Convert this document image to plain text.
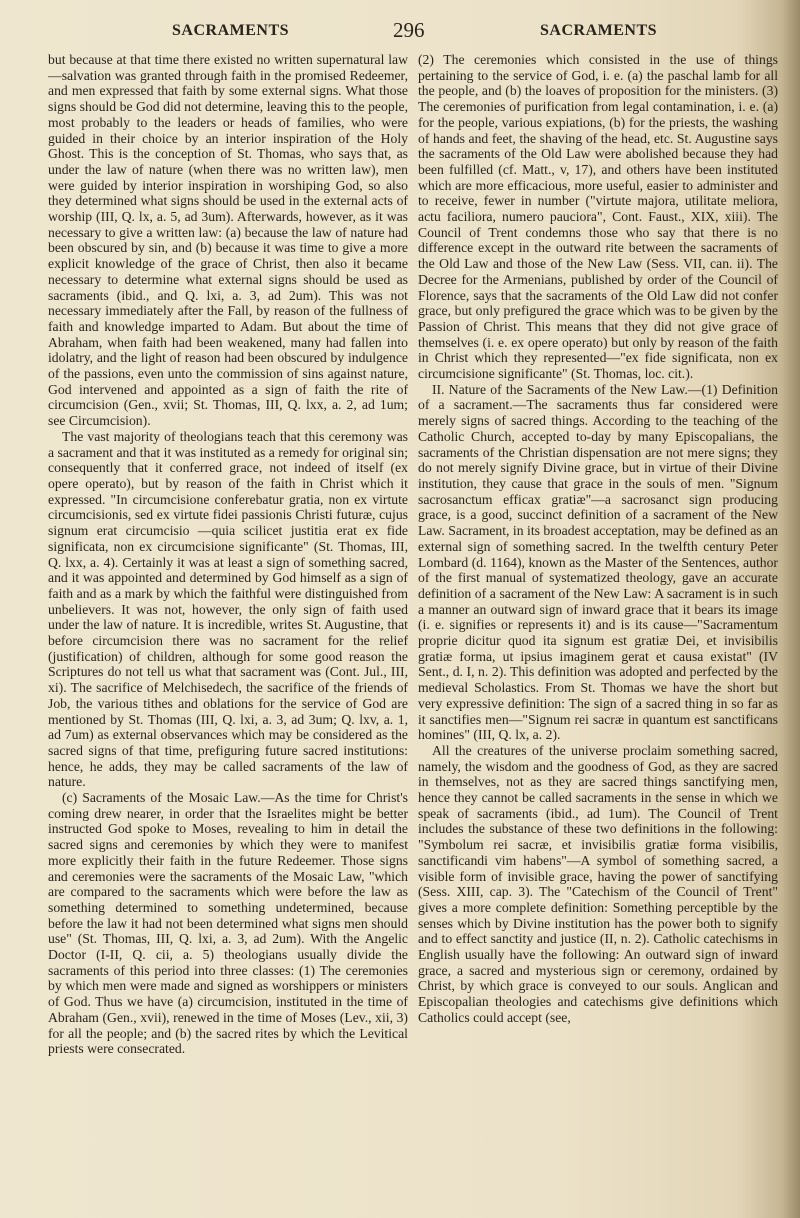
SACRAMENTS	296	SACRAMENTS

but because at that time there existed no written supernatural law—salvation was granted through faith in the promised Redeemer, and men expressed that faith by some external signs. What those signs should be God did not determine, leaving this to the people, most probably to the leaders or heads of families, who were guided in their choice by an interior inspiration of the Holy Ghost. This is the conception of St. Thomas, who says that, as under the law of nature (when there was no written law), men were guided by interior inspiration in worshiping God, so also they determined what signs should be used in the external acts of worship (III, Q. lx, a. 5, ad 3um). Afterwards, however, as it was necessary to give a written law: (a) because the law of nature had been obscured by sin, and (b) because it was time to give a more explicit knowledge of the grace of Christ, then also it became necessary to determine what external signs should be used as sacraments (ibid., and Q. lxi, a. 3, ad 2um). This was not necessary immediately after the Fall, by reason of the fullness of faith and knowledge imparted to Adam. But about the time of Abraham, when faith had been weakened, many had fallen into idolatry, and the light of reason had been obscured by indulgence of the passions, even unto the commission of sins against nature, God intervened and appointed as a sign of faith the rite of circumcision (Gen., xvii; St. Thomas, III, Q. lxx, a. 2, ad 1um; see Circumcision).

The vast majority of theologians teach that this ceremony was a sacrament and that it was instituted as a remedy for original sin; consequently that it conferred grace, not indeed of itself (ex opere operato), but by reason of the faith in Christ which it expressed. "In circumcisione conferebatur gratia, non ex virtute circumcisionis, sed ex virtute fidei passionis Christi futuræ, cujus signum erat circumcisio —quia scilicet justitia erat ex fide significata, non ex circumcisione significante" (St. Thomas, III, Q. lxx, a. 4). Certainly it was at least a sign of something sacred, and it was appointed and determined by God himself as a sign of faith and as a mark by which the faithful were distinguished from unbelievers. It was not, however, the only sign of faith used under the law of nature. It is incredible, writes St. Augustine, that before circumcision there was no sacrament for the relief (justification) of children, although for some good reason the Scriptures do not tell us what that sacrament was (Cont. Jul., III, xi). The sacrifice of Melchisedech, the sacrifice of the friends of Job, the various tithes and oblations for the service of God are mentioned by St. Thomas (III, Q. lxi, a. 3, ad 3um; Q. lxv, a. 1, ad 7um) as external observances which may be considered as the sacred signs of that time, prefiguring future sacred institutions: hence, he adds, they may be called sacraments of the law of nature.

(c) Sacraments of the Mosaic Law.—As the time for Christ's coming drew nearer, in order that the Israelites might be better instructed God spoke to Moses, revealing to him in detail the sacred signs and ceremonies by which they were to manifest more explicitly their faith in the future Redeemer. Those signs and ceremonies were the sacraments of the Mosaic Law, "which are compared to the sacraments which were before the law as something determined to something undetermined, because before the law it had not been determined what signs men should use" (St. Thomas, III, Q. lxi, a. 3, ad 2um). With the Angelic Doctor (I-II, Q. cii, a. 5) theologians usually divide the sacraments of this period into three classes: (1) The ceremonies by which men were made and signed as worshippers or ministers of God. Thus we have (a) circumcision, instituted in the time of Abraham (Gen., xvii), renewed in the time of Moses (Lev., xii, 3) for all the people; and (b) the sacred rites by which the Levitical priests were consecrated.

(2) The ceremonies which consisted in the use of things pertaining to the service of God, i. e. (a) the paschal lamb for all the people, and (b) the loaves of proposition for the ministers. (3) The ceremonies of purification from legal contamination, i. e. (a) for the people, various expiations, (b) for the priests, the washing of hands and feet, the shaving of the head, etc. St. Augustine says the sacraments of the Old Law were abolished because they had been fulfilled (cf. Matt., v, 17), and others have been instituted which are more efficacious, more useful, easier to administer and to receive, fewer in number ("virtute majora, utilitate meliora, actu faciliora, numero pauciora", Cont. Faust., XIX, xiii). The Council of Trent condemns those who say that there is no difference except in the outward rite between the sacraments of the Old Law and those of the New Law (Sess. VII, can. ii). The Decree for the Armenians, published by order of the Council of Florence, says that the sacraments of the Old Law did not confer grace, but only prefigured the grace which was to be given by the Passion of Christ. This means that they did not give grace of themselves (i. e. ex opere operato) but only by reason of the faith in Christ which they represented—"ex fide significata, non ex circumcisione significante" (St. Thomas, loc. cit.).

II. Nature of the Sacraments of the New Law.—(1) Definition of a sacrament.—The sacraments thus far considered were merely signs of sacred things. According to the teaching of the Catholic Church, accepted to-day by many Episcopalians, the sacraments of the Christian dispensation are not mere signs; they do not merely signify Divine grace, but in virtue of their Divine institution, they cause that grace in the souls of men. "Signum sacrosanctum efficax gratiæ"—a sacrosanct sign producing grace, is a good, succinct definition of a sacrament of the New Law. Sacrament, in its broadest acceptation, may be defined as an external sign of something sacred. In the twelfth century Peter Lombard (d. 1164), known as the Master of the Sentences, author of the first manual of systematized theology, gave an accurate definition of a sacrament of the New Law: A sacrament is in such a manner an outward sign of inward grace that it bears its image (i. e. signifies or represents it) and is its cause—"Sacramentum proprie dicitur quod ita signum est gratiæ Dei, et invisibilis gratiæ forma, ut ipsius imaginem gerat et causa existat" (IV Sent., d. I, n. 2). This definition was adopted and perfected by the medieval Scholastics. From St. Thomas we have the short but very expressive definition: The sign of a sacred thing in so far as it sanctifies men—"Signum rei sacræ in quantum est sanctificans homines" (III, Q. lx, a. 2).

All the creatures of the universe proclaim something sacred, namely, the wisdom and the goodness of God, as they are sacred in themselves, not as they are sacred things sanctifying men, hence they cannot be called sacraments in the sense in which we speak of sacraments (ibid., ad 1um). The Council of Trent includes the substance of these two definitions in the following: "Symbolum rei sacræ, et invisibilis gratiæ forma visibilis, sanctificandi vim habens"—A symbol of something sacred, a visible form of invisible grace, having the power of sanctifying (Sess. XIII, cap. 3). The "Catechism of the Council of Trent" gives a more complete definition: Something perceptible by the senses which by Divine institution has the power both to signify and to effect sanctity and justice (II, n. 2). Catholic catechisms in English usually have the following: An outward sign of inward grace, a sacred and mysterious sign or ceremony, ordained by Christ, by which grace is conveyed to our souls. Anglican and Episcopalian theologies and catechisms give definitions which Catholics could accept (see,
